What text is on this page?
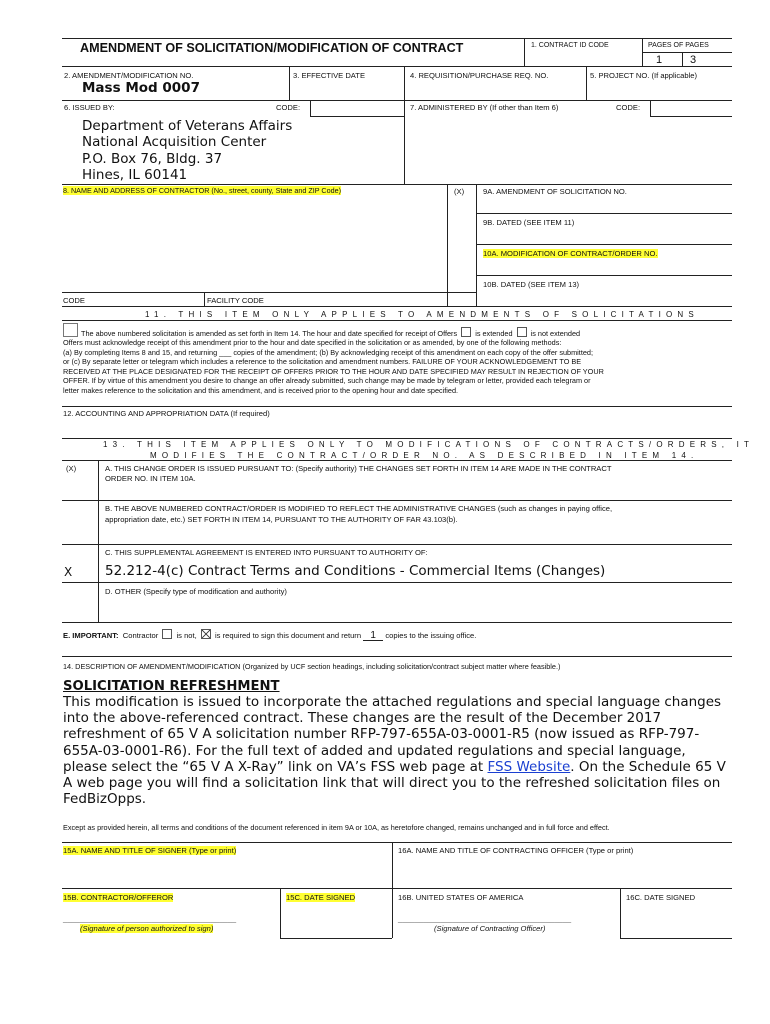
AMENDMENT OF SOLICITATION/MODIFICATION OF CONTRACT	1. CONTRACT ID CODE	PAGES OF PAGES
1	3
2. AMENDMENT/MODIFICATION NO.
Mass Mod 0007
3. EFFECTIVE DATE	4. REQUISITION/PURCHASE REQ. NO.	5. PROJECT NO. (If applicable)
6. ISSUED BY:	CODE:	7. ADMINISTERED BY (If other than Item 6)	CODE:
Department of Veterans Affairs
National Acquisition Center
P.O. Box 76, Bldg. 37
Hines, IL 60141
8. NAME AND ADDRESS OF CONTRACTOR (No., street, county, State and ZIP Code)	(X) 9A. AMENDMENT OF SOLICITATION NO.
9B. DATED (SEE ITEM 11)
10A. MODIFICATION OF CONTRACT/ORDER NO.
10B. DATED (SEE ITEM 13)
CODE	FACILITY CODE
11. THIS ITEM ONLY APPLIES TO AMENDMENTS OF SOLICITATIONS
The above numbered solicitation is amended as set forth in Item 14. The hour and date specified for receipt of Offers is extended is not extended
Offers must acknowledge receipt of this amendment prior to the hour and date specified in the solicitation or as amended, by one of the following methods:
(a) By completing Items 8 and 15, and returning ___ copies of the amendment; (b) By acknowledging receipt of this amendment on each copy of the offer submitted;
or (c) By separate letter or telegram which includes a reference to the solicitation and amendment numbers. FAILURE OF YOUR ACKNOWLEDGEMENT TO BE
RECEIVED AT THE PLACE DESIGNATED FOR THE RECEIPT OF OFFERS PRIOR TO THE HOUR AND DATE SPECIFIED MAY RESULT IN REJECTION OF YOUR
OFFER. If by virtue of this amendment you desire to change an offer already submitted, such change may be made by telegram or letter, provided each telegram or
letter makes reference to the solicitation and this amendment, and is received prior to the opening hour and date specified.
12. ACCOUNTING AND APPROPRIATION DATA (If required)
13. THIS ITEM APPLIES ONLY TO MODIFICATIONS OF CONTRACTS/ORDERS, IT
MODIFIES THE CONTRACT/ORDER NO. AS DESCRIBED IN ITEM 14.
(X)	A. THIS CHANGE ORDER IS ISSUED PURSUANT TO: (Specify authority) THE CHANGES SET FORTH IN ITEM 14 ARE MADE IN THE CONTRACT
ORDER NO. IN ITEM 10A.
B. THE ABOVE NUMBERED CONTRACT/ORDER IS MODIFIED TO REFLECT THE ADMINISTRATIVE CHANGES (such as changes in paying office,
appropriation date, etc.) SET FORTH IN ITEM 14, PURSUANT TO THE AUTHORITY OF FAR 43.103(b).
C. THIS SUPPLEMENTAL AGREEMENT IS ENTERED INTO PURSUANT TO AUTHORITY OF:
X 52.212-4(c) Contract Terms and Conditions - Commercial Items (Changes)
D. OTHER (Specify type of modification and authority)
E. IMPORTANT: Contractor is not, is required to sign this document and return 1 copies to the issuing office.
14. DESCRIPTION OF AMENDMENT/MODIFICATION (Organized by UCF section headings, including solicitation/contract subject matter where feasible.)
SOLICITATION REFRESHMENT
This modification is issued to incorporate the attached regulations and special language changes into the above-referenced contract. These changes are the result of the December 2017 refreshment of 65 V A solicitation number RFP-797-655A-03-0001-R5 (now issued as RFP-797-655A-03-0001-R6). For the full text of added and updated regulations and special language, please select the “65 V A X-Ray” link on VA’s FSS web page at FSS Website. On the Schedule 65 V A web page you will find a solicitation link that will direct you to the refreshed solicitation files on FedBizOpps.
Except as provided herein, all terms and conditions of the document referenced in item 9A or 10A, as heretofore changed, remains unchanged and in full force and effect.
15A. NAME AND TITLE OF SIGNER (Type or print)	16A. NAME AND TITLE OF CONTRACTING OFFICER (Type or print)
15B. CONTRACTOR/OFFEROR	15C. DATE SIGNED	16B. UNITED STATES OF AMERICA	16C. DATE SIGNED
_________________________________________
(Signature of person authorized to sign)
_________________________________________
(Signature of Contracting Officer)
